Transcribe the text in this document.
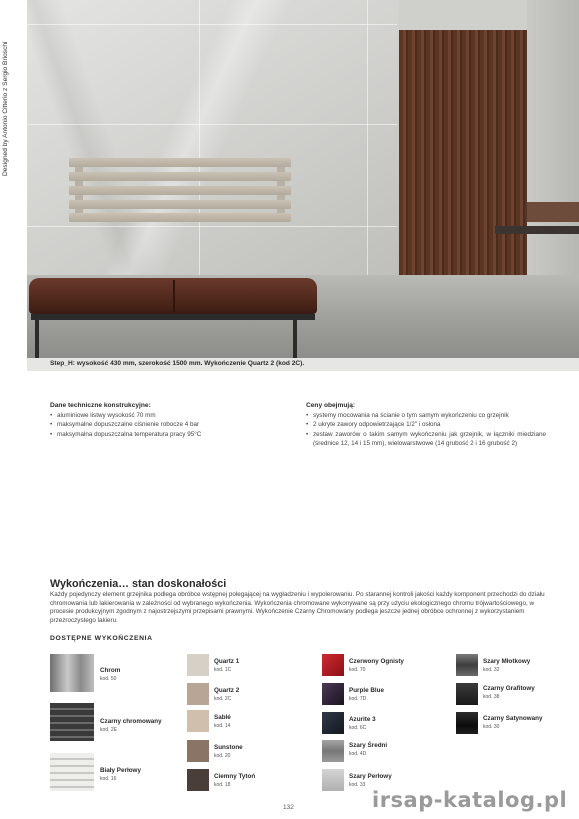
Designed by Antonio Citterio z Sergio Brioschi
Step_H: wysokość 430 mm, szerokość 1500 mm. Wykończenie Quartz 2 (kod 2C).
Dane techniczne konstrukcyjne:
• aluminiowe listwy wysokość 70 mm
• maksymalne dopuszczalne ciśnienie robocze 4 bar
• maksymalna dopuszczalna temperatura pracy 95°C
Ceny obejmują:
• systemy mocowania na ścianie o tym samym wykończeniu co grzejnik
• 2 ukryte zawory odpowietrzające 1/2" i osłona
• zestaw zaworów o takim samym wykończeniu jak grzejnik, w łączniki miedziane (średnice 12, 14 i 15 mm), wielowarstwowe (14 grubość 2 i 16 grubość 2)
Wykończenia… stan doskonałości
Każdy pojedynczy element grzejnika podlega obróbce wstępnej polegającej na wygładzeniu i wypolerowaniu. Po starannej kontroli jakości każdy komponent przechodzi do działu chromowania lub lakierowania w zależności od wybranego wykończenia. Wykończenia chromowane wykonywane są przy użyciu ekologicznego chromu trójwartościowego, w procesie produkcyjnym zgodnym z najostrzejszymi przepisami prawnymi. Wykończenie Czarny Chromowany podlega jeszcze jednej obróbce ochronnej z wykorzystaniem przezroczystego lakieru.
DOSTĘPNE WYKOŃCZENIA
Chrom
kod. 50
Czarny chromowany
kod. 2E
Biały Perłowy
kod. 16
Quartz 1
kod. 1C
Quartz 2
kod. 2C
Sablé
kod. 14
Sunstone
kod. 20
Ciemny Tytoń
kod. 18
Czerwony Ognisty
kod. 70
Purple Blue
kod. 7D
Azurite 3
kod. 6C
Szary Średni
kod. 4D
Szary Perłowy
kod. 33
Szary Młotkowy
kod. 32
Czarny Grafitowy
kod. 38
Czarny Satynowany
kod. 30
132	irsap-katalog.pl
